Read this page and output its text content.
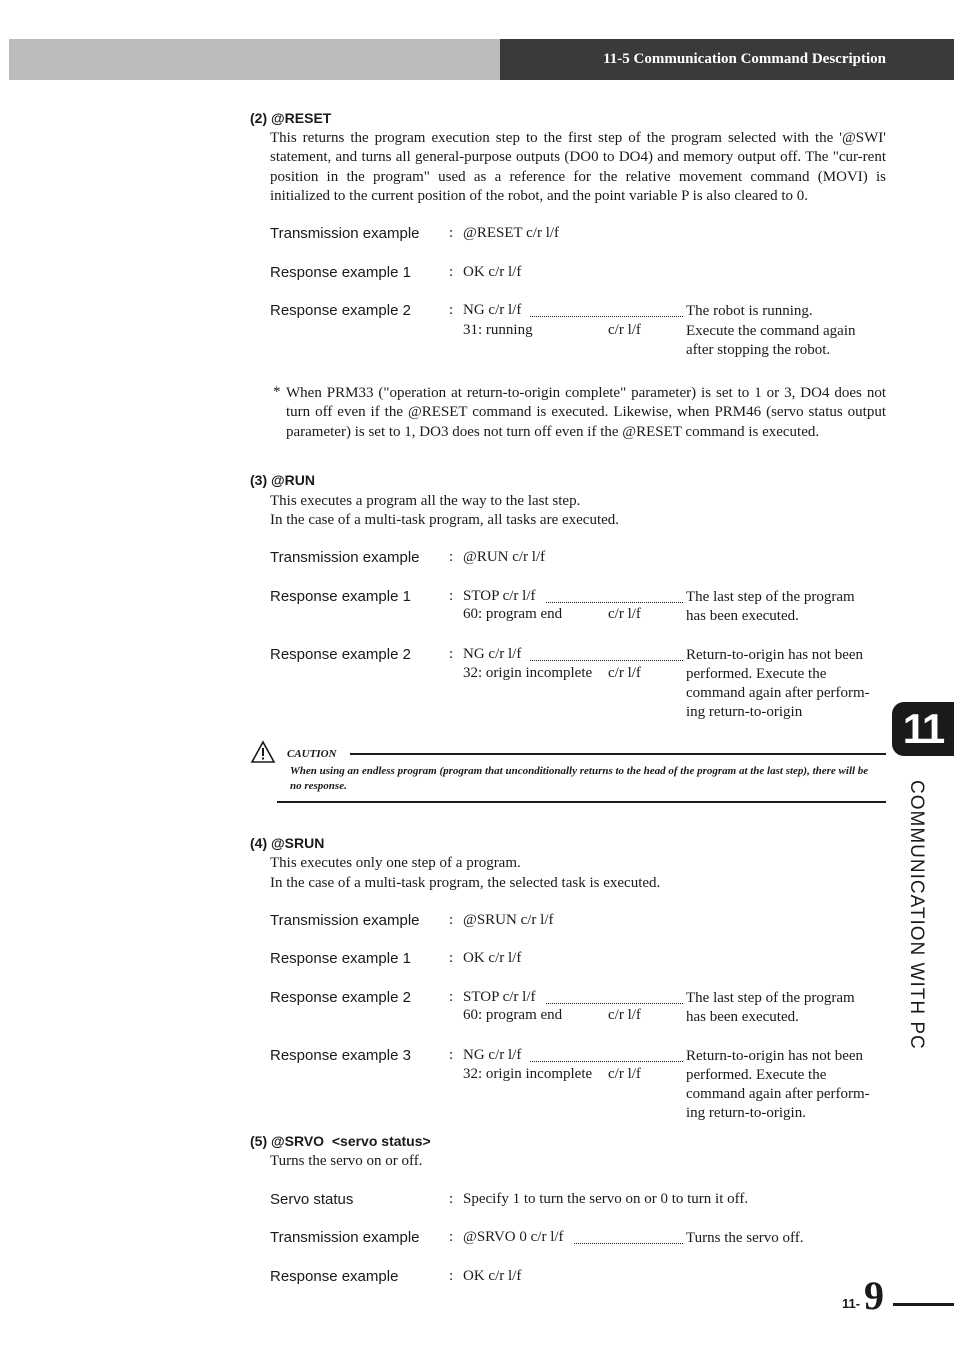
11-5 Communication Command Description
(2) @RESET
This returns the program execution step to the first step of the program selected with the '@SWI' statement, and turns all general-purpose outputs (DO0 to DO4) and memory output off. The "cur-rent position in the program" used as a reference for the relative movement command (MOVI) is initialized to the current position of the robot, and the point variable P is also cleared to 0.
Transmission example : @RESET c/r l/f
Response example 1	: OK c/r l/f
Response example 2	: NG c/r l/f
31: running	c/r l/f
The robot is running.
Execute the command again
after stopping the robot.
* When PRM33 ("operation at return-to-origin complete" parameter) is set to 1 or 3, DO4 does not turn off even if the @RESET command is executed. Likewise, when PRM46 (servo status output parameter) is set to 1, DO3 does not turn off even if the @RESET command is executed.
(3) @RUN
This executes a program all the way to the last step.
In the case of a multi-task program, all tasks are executed.
Transmission example : @RUN c/r l/f
Response example 1	: STOP c/r l/f
60: program end	c/r l/f
The last step of the program
has been executed.
Response example 2	: NG c/r l/f
32: origin incomplete c/r l/f
Return-to-origin has not been
performed. Execute the
command again after perform-
ing return-to-origin
CAUTION
When using an endless program (program that unconditionally returns to the head of the program at the last step), there will be no response.
(4) @SRUN
This executes only one step of a program.
In the case of a multi-task program, the selected task is executed.
Transmission example : @SRUN c/r l/f
Response example 1	: OK c/r l/f
Response example 2	: STOP c/r l/f
60: program end	c/r l/f
The last step of the program
has been executed.
Response example 3	: NG c/r l/f
32: origin incomplete c/r l/f
Return-to-origin has not been
performed. Execute the
command again after perform-
ing return-to-origin.
(5) @SRVO  <servo status>
Turns the servo on or off.
Servo status	: Specify 1 to turn the servo on or 0 to turn it off.
Transmission example : @SRVO 0 c/r l/f	Turns the servo off.
Response example	: OK c/r l/f
11
COMMUNICATION WITH PC
11- 9
